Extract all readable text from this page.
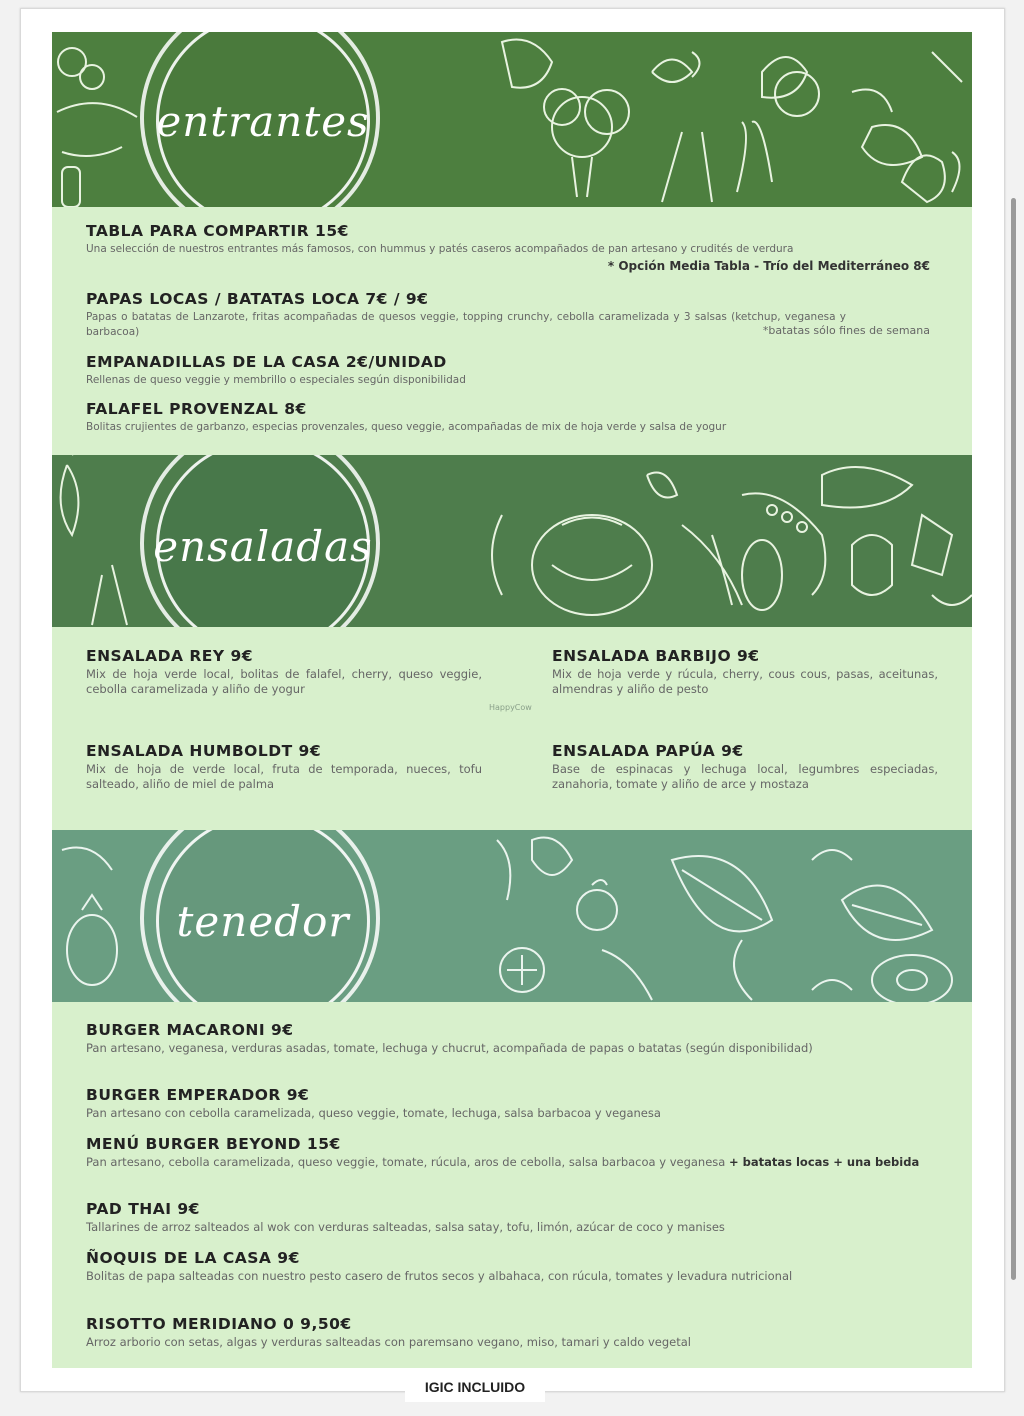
entrantes
TABLA PARA COMPARTIR 15€

Una selección de nuestros entrantes más famosos, con hummus y patés caseros acompañados de pan artesano y crudités de verdura

* Opción Media Tabla - Trío del Mediterráneo 8€
PAPAS LOCAS / BATATAS LOCA 7€ / 9€

Papas o batatas de Lanzarote, fritas acompañadas de quesos veggie, topping crunchy, cebolla caramelizada y 3 salsas (ketchup, veganesa y barbacoa)	*batatas sólo fines de semana
EMPANADILLAS DE LA CASA 2€/UNIDAD

Rellenas de queso veggie y membrillo o especiales según disponibilidad

FALAFEL PROVENZAL 8€

Bolitas crujientes de garbanzo, especias provenzales, queso veggie, acompañadas de mix de hoja verde y salsa de yogur

ensaladas
ENSALADA REY 9€

Mix de hoja verde local, bolitas de falafel, cherry, queso veggie, cebolla caramelizada y aliño de yogur

ENSALADA BARBIJO 9€

Mix de hoja verde y rúcula, cherry, cous cous, pasas, aceitunas, almendras y aliño de pesto

ENSALADA HUMBOLDT 9€

Mix de hoja de verde local, fruta de temporada, nueces, tofu salteado, aliño de miel de palma

ENSALADA PAPÚA 9€

Base de espinacas y lechuga local, legumbres especiadas, zanahoria, tomate y aliño de arce y mostaza

HappyCow
tenedor
BURGER MACARONI 9€

Pan artesano, veganesa, verduras asadas, tomate, lechuga y chucrut, acompañada de papas o batatas (según disponibilidad)

BURGER EMPERADOR 9€

Pan artesano con cebolla caramelizada, queso veggie, tomate, lechuga, salsa barbacoa y veganesa

MENÚ BURGER BEYOND 15€

Pan artesano, cebolla caramelizada, queso veggie, tomate, rúcula, aros de cebolla, salsa barbacoa y veganesa + batatas locas + una bebida

PAD THAI 9€

Tallarines de arroz salteados al wok con verduras salteadas, salsa satay, tofu, limón, azúcar de coco y manises

ÑOQUIS DE LA CASA 9€

Bolitas de papa salteadas con nuestro pesto casero de frutos secos y albahaca, con rúcula, tomates y levadura nutricional

RISOTTO MERIDIANO 0 9,50€

Arroz arborio con setas, algas y verduras salteadas con paremsano vegano, miso, tamari y caldo vegetal

IGIC INCLUIDO
